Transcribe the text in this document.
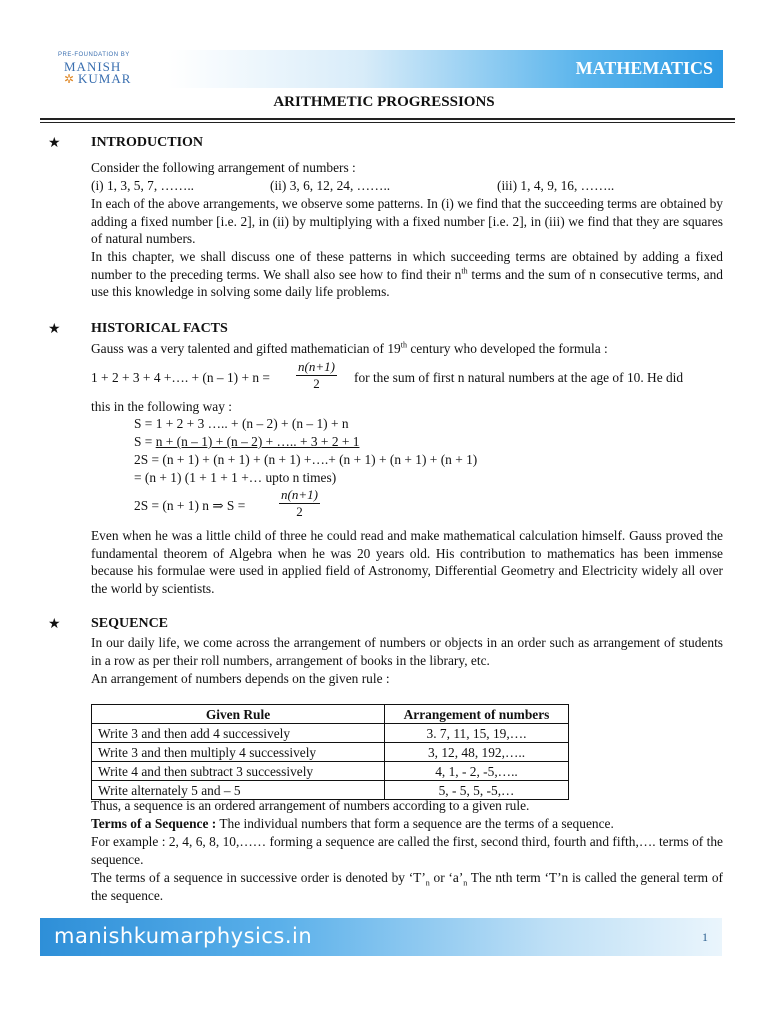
PRE-FOUNDATION BY
MANISH
✲ KUMAR
MATHEMATICS
ARITHMETIC PROGRESSIONS
★ INTRODUCTION
Consider the following arrangement of numbers :
(i) 1, 3, 5, 7, ……..	(ii) 3, 6, 12, 24, ……..	(iii) 1, 4, 9, 16, ……..
In each of the above arrangements, we observe some patterns. In (i) we find that the succeeding terms are obtained by adding a fixed number [i.e. 2], in (ii) by multiplying with a fixed number [i.e. 2], in (iii) we find that they are squares of natural numbers.
In this chapter, we shall discuss one of these patterns in which succeeding terms are obtained by adding a fixed number to the preceding terms. We shall also see how to find their $n^{th}$ terms and the sum of n consecutive terms, and use this knowledge in solving some daily life problems.
★ HISTORICAL FACTS
Gauss was a very talented and gifted mathematician of 19th century who developed the formula :
1 + 2 + 3 + 4 +…. + $(n - 1) + n = \frac{n(n+1)}{2}$ for the sum of first n natural numbers at the age of 10. He did
this in the following way :
S = 1 + 2 + 3 ….. + (n – 2) + (n – 1) + n
S = n + (n – 1) + (n – 2) + ….. + 3 + 2 + 1
2S = (n + 1) + (n + 1) + (n + 1) +….+ (n + 1) + (n + 1) + (n + 1)
= (n + 1) (1 + 1 + 1 +… upto n times)
2S = (n + 1) n ⇒ S =	$\frac{n(n+1)}{2}$
Even when he was a little child of three he could read and make mathematical calculation himself. Gauss proved the fundamental theorem of Algebra when he was 20 years old. His contribution to mathematics has been immense because his formulae were used in applied field of Astronomy, Differential Geometry and Electricity widely all over the world by scientists.
★ SEQUENCE
In our daily life, we come across the arrangement of numbers or objects in an order such as arrangement of students in a row as per their roll numbers, arrangement of books in the library, etc.
An arrangement of numbers depends on the given rule :
Given Rule	Arrangement of numbers
Write 3 and then add 4 successively	3. 7, 11, 15, 19,….
Write 3 and then multiply 4 successively	3, 12, 48, 192,…..
Write 4 and then subtract 3 successively	4, 1, - 2, -5,…..
Write alternately 5 and – 5	5, - 5, 5, -5,…
Thus, a sequence is an ordered arrangement of numbers according to a given rule.
Terms of a Sequence : The individual numbers that form a sequence are the terms of a sequence.
For example : 2, 4, 6, 8, 10,…… forming a sequence are called the first, second third, fourth and fifth,…. terms of the sequence.
The terms of a sequence in successive order is denoted by ‘$T’_n$ or ‘$a’_n$ The nth term ‘T’n is called the general term of the sequence.
manishkumarphysics.in	1
